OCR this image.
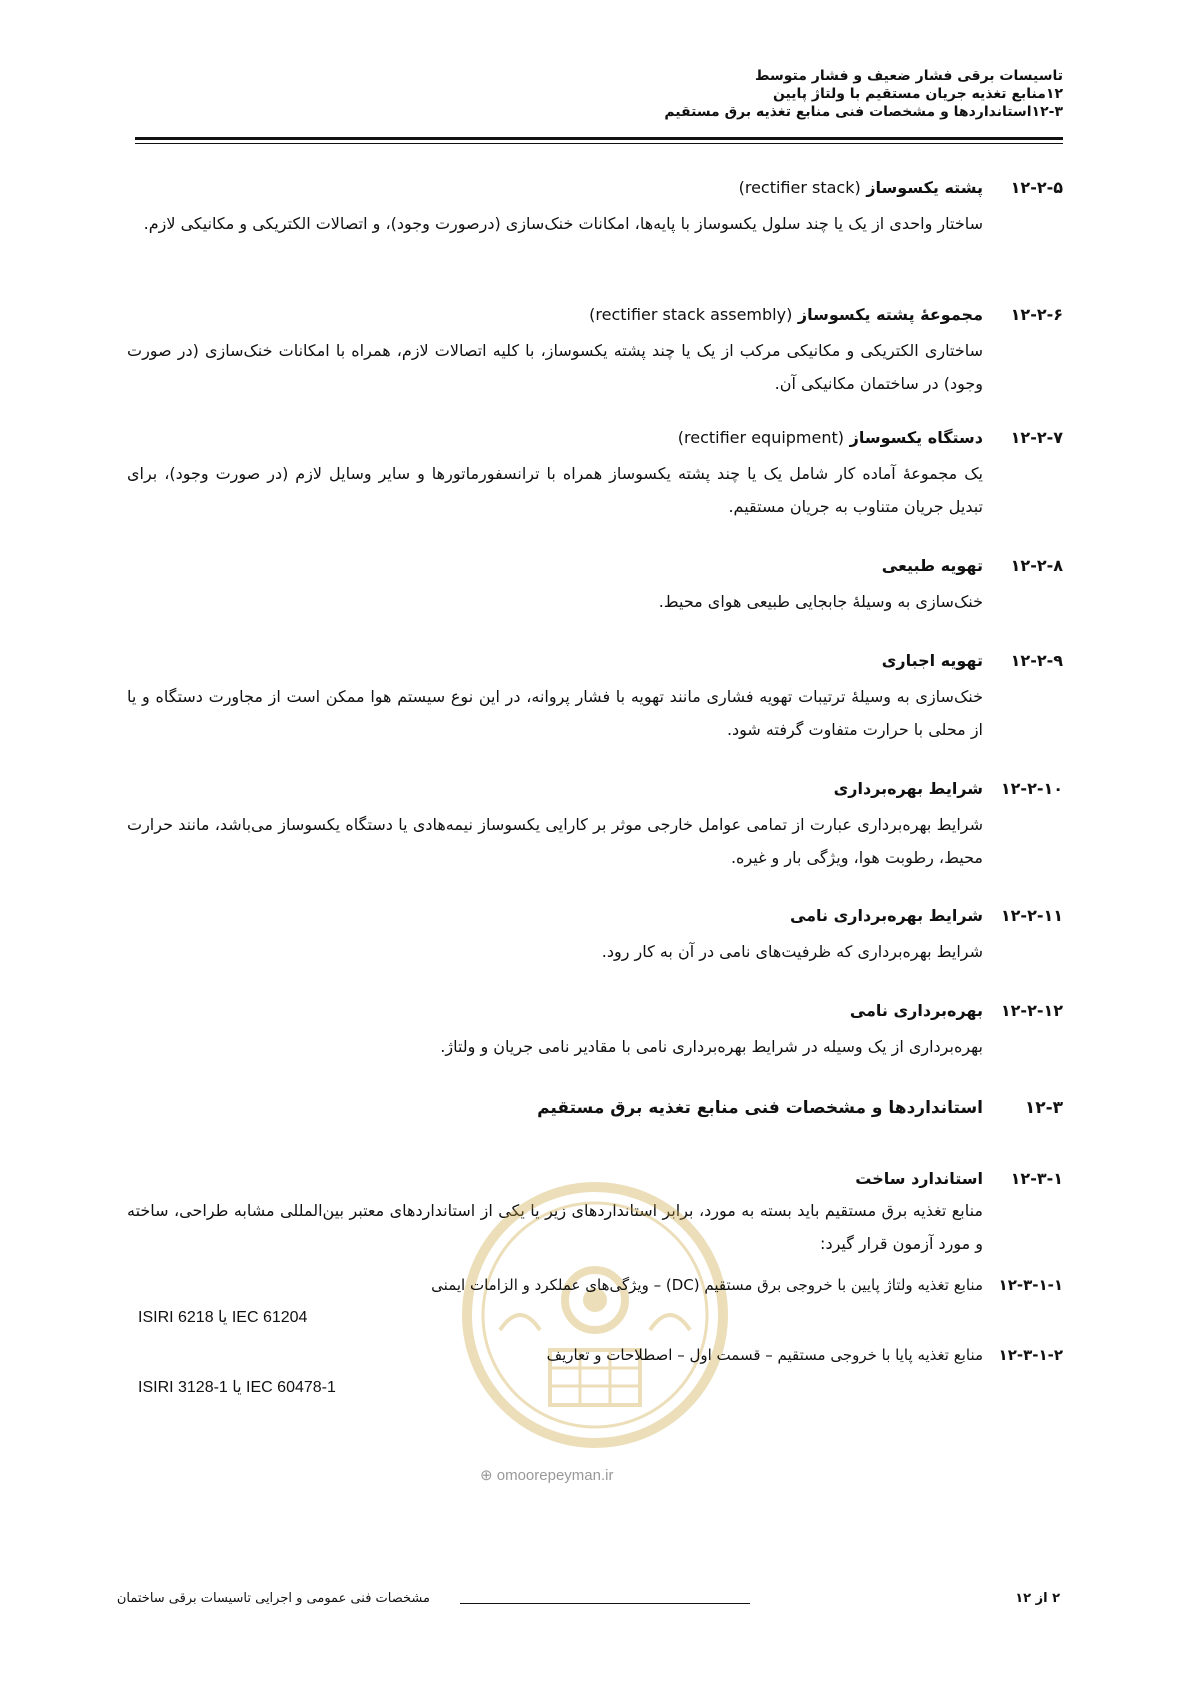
تاسیسات برقی فشار ضعیف و فشار متوسط
۱۲منابع تغذیه جریان مستقیم با ولتاژ پایین
۱۲-۳استانداردها و مشخصات فنی منابع تغذیه برق مستقیم
۱۲-۲-۵
پشته یکسوساز (rectifier stack)
ساختار واحدی از یک یا چند سلول یکسوساز با پایه‌ها، امکانات خنک‌سازی (درصورت وجود)، و اتصالات الکتریکی و مکانیکی لازم.
۱۲-۲-۶
مجموعۀ پشته یکسوساز (rectifier stack assembly)
ساختاری الکتریکی و مکانیکی مرکب از یک یا چند پشته یکسوساز، با کلیه اتصالات لازم، همراه با امکانات خنک‌سازی (در صورت وجود) در ساختمان مکانیکی آن.
۱۲-۲-۷
دستگاه یکسوساز (rectifier equipment)
یک مجموعۀ آماده کار شامل یک یا چند پشته یکسوساز همراه با ترانسفورماتورها و سایر وسایل لازم (در صورت وجود)، برای تبدیل جریان متناوب به جریان مستقیم.
۱۲-۲-۸
تهویه طبیعی
خنک‌سازی به وسیلۀ جابجایی طبیعی هوای محیط.
۱۲-۲-۹
تهویه اجباری
خنک‌سازی به وسیلۀ ترتیبات تهویه فشاری مانند تهویه با فشار پروانه، در این نوع سیستم هوا ممکن است از مجاورت دستگاه و یا از محلی با حرارت متفاوت گرفته شود.
۱۲-۲-۱۰
شرایط بهره‌برداری
شرایط بهره‌برداری عبارت از تمامی عوامل خارجی موثر بر کارایی یکسوساز نیمه‌هادی یا دستگاه یکسوساز می‌باشد، مانند حرارت محیط، رطوبت هوا، ویژگی بار و غیره.
۱۲-۲-۱۱
شرایط بهره‌برداری نامی
شرایط بهره‌برداری که ظرفیت‌های نامی در آن به کار رود.
۱۲-۲-۱۲
بهره‌برداری نامی
بهره‌برداری از یک وسیله در شرایط بهره‌برداری نامی با مقادیر نامی جریان و ولتاژ.
۱۲-۳
استانداردها و مشخصات فنی منابع تغذیه برق مستقیم
۱۲-۳-۱
استاندارد ساخت
منابع تغذیه برق مستقیم باید بسته به مورد، برابر استانداردهای زیر یا یکی از استانداردهای معتبر بین‌المللی مشابه طراحی، ساخته و مورد آزمون قرار گیرد:
۱۲-۳-۱-۱
منابع تغذیه ولتاژ پایین با خروجی برق مستقیم (DC) – ویژگی‌های عملکرد و الزامات ایمنی
IEC 61204 یا ISIRI 6218
۱۲-۳-۱-۲
منابع تغذیه پایا با خروجی مستقیم – قسمت اول – اصطلاحات و تعاریف
IEC 60478-1 یا ISIRI 3128-1
⊕ omoorepeyman.ir
۲ از ۱۲
مشخصات فنی عمومی و اجرایی تاسیسات برقی ساختمان
